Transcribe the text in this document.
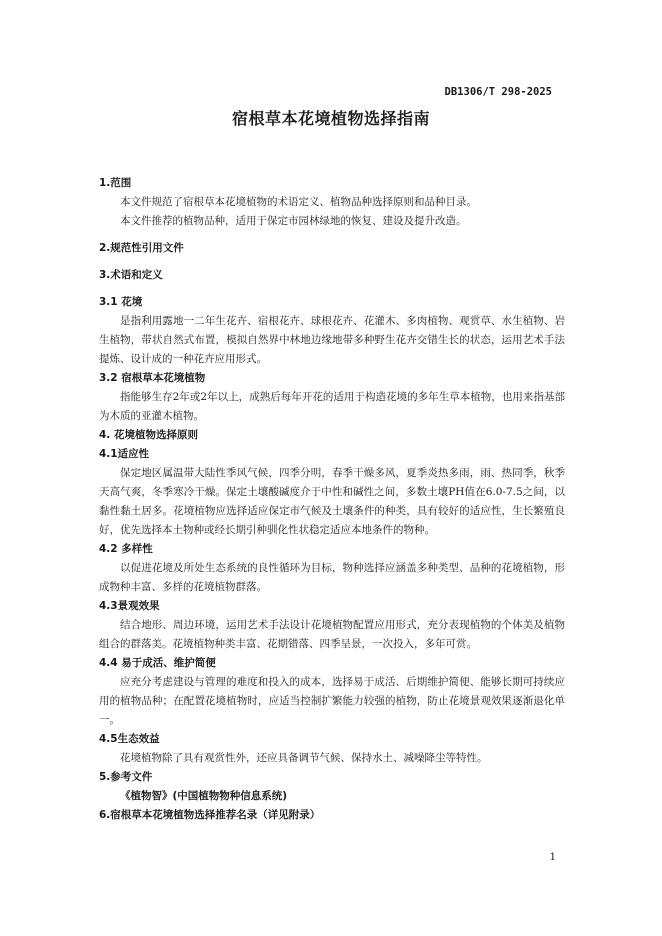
DB1306/T 298-2025
宿根草本花境植物选择指南

1.范围

本文件规范了宿根草本花境植物的术语定义、植物品种选择原则和品种目录。

本文件推荐的植物品种，适用于保定市园林绿地的恢复、建设及提升改造。

2.规范性引用文件

3.术语和定义

3.1 花境

是指利用露地一二年生花卉、宿根花卉、球根花卉、花灌木、多肉植物、观赏草、水生植物、岩生植物，带状自然式布置，模拟自然界中林地边缘地带多种野生花卉交错生长的状态，运用艺术手法提炼、设计成的一种花卉应用形式。

3.2 宿根草本花境植物

指能够生存2年或2年以上，成熟后每年开花的适用于构造花境的多年生草本植物，也用来指基部为木质的亚灌木植物。

4. 花境植物选择原则

4.1适应性

保定地区属温带大陆性季风气候，四季分明，春季干燥多风，夏季炎热多雨，雨、热同季，秋季天高气爽，冬季寒冷干燥。保定土壤酸碱度介于中性和碱性之间，多数土壤PH值在6.0-7.5之间，以黏性黏土居多。花境植物应选择适应保定市气候及土壤条件的种类，具有较好的适应性，生长繁殖良好，优先选择本土物种或经长期引种驯化性状稳定适应本地条件的物种。

4.2 多样性

以促进花境及所处生态系统的良性循环为目标，物种选择应涵盖多种类型、品种的花境植物，形成物种丰富、多样的花境植物群落。

4.3景观效果

结合地形、周边环境，运用艺术手法设计花境植物配置应用形式，充分表现植物的个体美及植物组合的群落美。花境植物种类丰富、花期错落、四季呈景，一次投入，多年可赏。

4.4 易于成活、维护简便

应充分考虑建设与管理的难度和投入的成本，选择易于成活、后期维护简便、能够长期可持续应用的植物品种；在配置花境植物时，应适当控制扩繁能力较强的植物，防止花境景观效果逐渐退化单一。

4.5生态效益

花境植物除了具有观赏性外，还应具备调节气候、保持水土、减噪降尘等特性。

5.参考文件

《植物智》(中国植物物种信息系统)

6.宿根草本花境植物选择推荐名录（详见附录）

1
